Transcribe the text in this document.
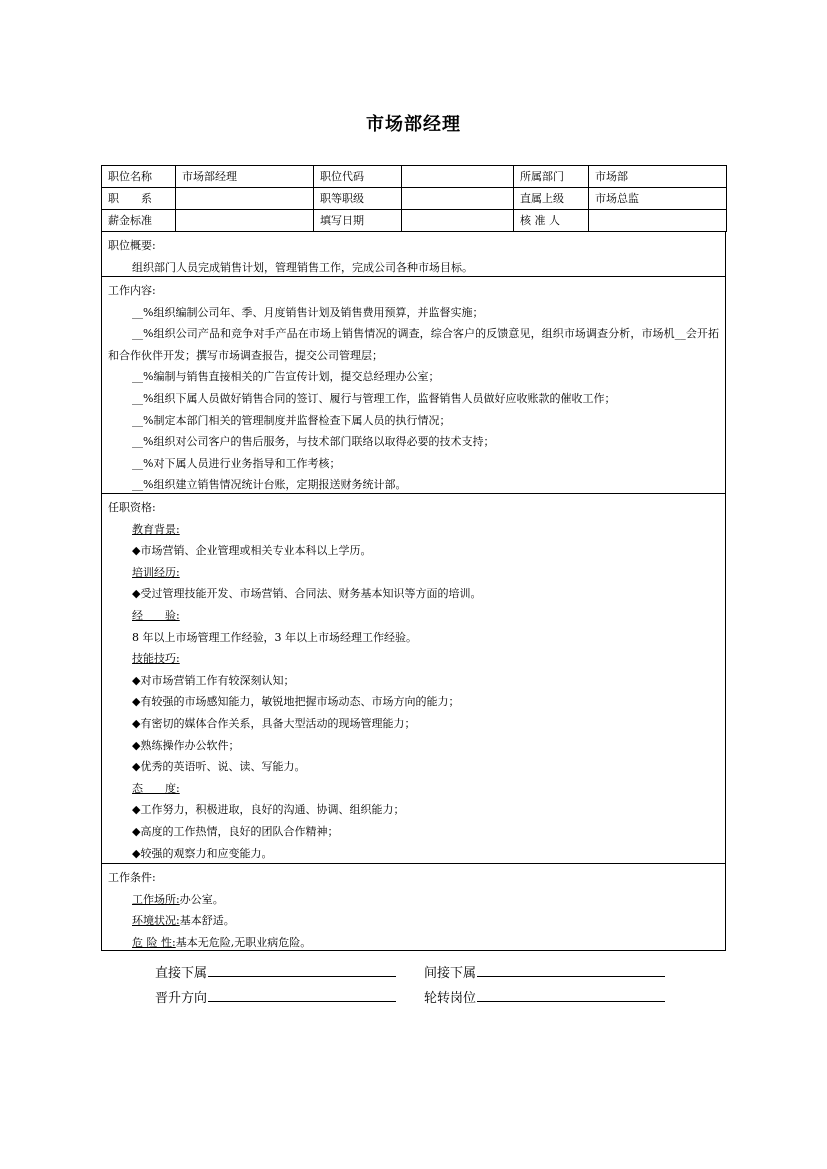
市场部经理
职位名称	市场部经理	职位代码		所属部门	市场部
职　　系		职等职级		直属上级	市场总监
薪金标准		填写日期		核 准 人	

职位概要:

组织部门人员完成销售计划，管理销售工作，完成公司各种市场目标。

工作内容:

__%组织编制公司年、季、月度销售计划及销售费用预算，并监督实施；

__%组织公司产品和竞争对手产品在市场上销售情况的调查，综合客户的反馈意见，组织市场调查分析，市场机__会开拓和合作伙伴开发；撰写市场调查报告，提交公司管理层；

__%编制与销售直接相关的广告宣传计划，提交总经理办公室；

__%组织下属人员做好销售合同的签订、履行与管理工作，监督销售人员做好应收账款的催收工作；

__%制定本部门相关的管理制度并监督检查下属人员的执行情况；

__%组织对公司客户的售后服务，与技术部门联络以取得必要的技术支持；

__%对下属人员进行业务指导和工作考核；

__%组织建立销售情况统计台账，定期报送财务统计部。

任职资格:

教育背景:

◆市场营销、企业管理或相关专业本科以上学历。

培训经历:

◆受过管理技能开发、市场营销、合同法、财务基本知识等方面的培训。

经　　验:

8 年以上市场管理工作经验，3 年以上市场经理工作经验。

技能技巧:

◆对市场营销工作有较深刻认知；

◆有较强的市场感知能力，敏锐地把握市场动态、市场方向的能力；

◆有密切的媒体合作关系，具备大型活动的现场管理能力；

◆熟练操作办公软件；

◆优秀的英语听、说、读、写能力。

态　　度:

◆工作努力，积极进取，良好的沟通、协调、组织能力；

◆高度的工作热情，良好的团队合作精神；

◆较强的观察力和应变能力。

工作条件:

工作场所:办公室。

环境状况:基本舒适。

危 险 性:基本无危险,无职业病危险。

直接下属	间接下属
晋升方向	轮转岗位
